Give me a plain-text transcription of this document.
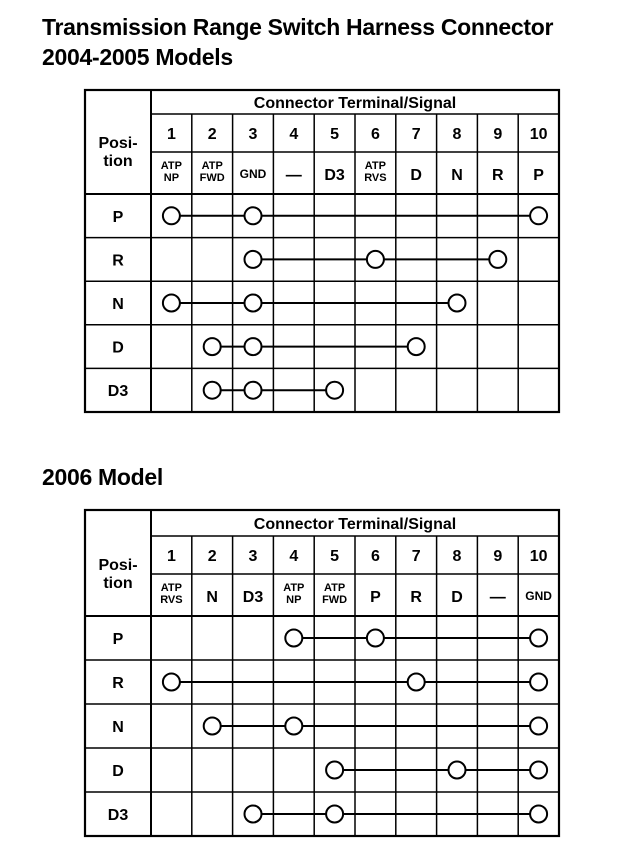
Transmission Range Switch Harness Connector
2004-2005 Models
2006 Model
Connector Terminal/Signal
Posi-
tion
1 2 3 4 5 6 7 8 9 10
ATP
NP
ATP
FWD GND — D3
ATP
RVS D N R P
P
R
N
D
D3
Connector Terminal/Signal
Posi-
tion
1 2 3 4 5 6 7 8 9 10
ATP
RVS N D3
ATP
NP
ATP
FWD P R D — GND
P
R
N
D
D3
